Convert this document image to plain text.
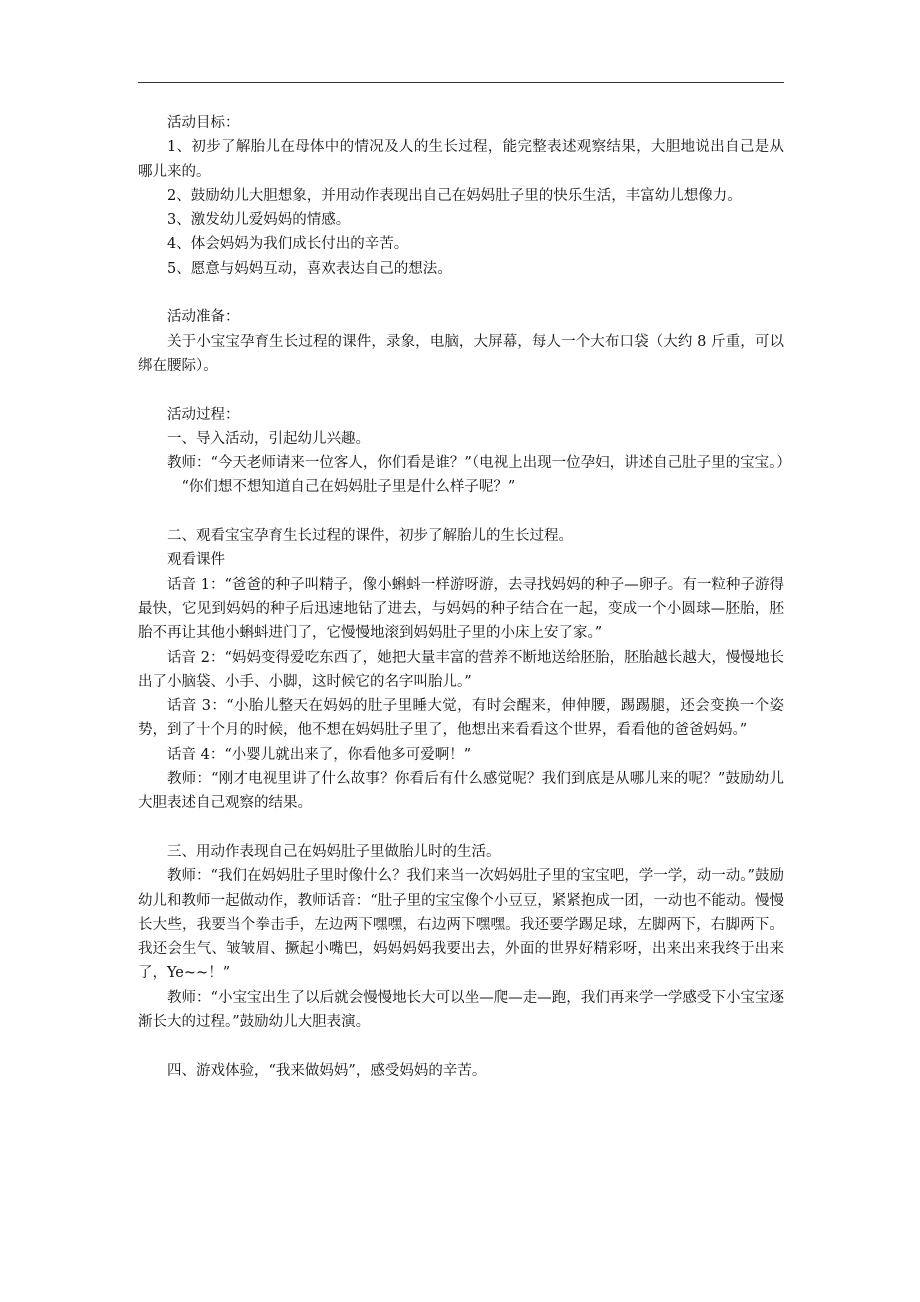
活动目标：

1、初步了解胎儿在母体中的情况及人的生长过程，能完整表述观察结果，大胆地说出自己是从哪儿来的。

2、鼓励幼儿大胆想象，并用动作表现出自己在妈妈肚子里的快乐生活，丰富幼儿想像力。

3、激发幼儿爱妈妈的情感。

4、体会妈妈为我们成长付出的辛苦。

5、愿意与妈妈互动，喜欢表达自己的想法。

活动准备：

关于小宝宝孕育生长过程的课件，录象，电脑，大屏幕，每人一个大布口袋（大约 8 斤重，可以绑在腰际）。

活动过程：

一、导入活动，引起幼儿兴趣。

教师：“今天老师请来一位客人，你们看是谁？”（电视上出现一位孕妇，讲述自己肚子里的宝宝。）

“你们想不想知道自己在妈妈肚子里是什么样子呢？”

二、观看宝宝孕育生长过程的课件，初步了解胎儿的生长过程。

观看课件

话音 1：“爸爸的种子叫精子，像小蝌蚪一样游呀游，去寻找妈妈的种子—卵子。有一粒种子游得最快，它见到妈妈的种子后迅速地钻了进去，与妈妈的种子结合在一起，变成一个小圆球—胚胎，胚胎不再让其他小蝌蚪进门了，它慢慢地滚到妈妈肚子里的小床上安了家。”

话音 2：“妈妈变得爱吃东西了，她把大量丰富的营养不断地送给胚胎，胚胎越长越大，慢慢地长出了小脑袋、小手、小脚，这时候它的名字叫胎儿。”

话音 3：“小胎儿整天在妈妈的肚子里睡大觉，有时会醒来，伸伸腰，踢踢腿，还会变换一个姿势，到了十个月的时候，他不想在妈妈肚子里了，他想出来看看这个世界，看看他的爸爸妈妈。”

话音 4：“小婴儿就出来了，你看他多可爱啊！”

教师：“刚才电视里讲了什么故事？你看后有什么感觉呢？我们到底是从哪儿来的呢？”鼓励幼儿大胆表述自己观察的结果。

三、用动作表现自己在妈妈肚子里做胎儿时的生活。

教师：“我们在妈妈肚子里时像什么？我们来当一次妈妈肚子里的宝宝吧，学一学，动一动。”鼓励幼儿和教师一起做动作，教师话音：“肚子里的宝宝像个小豆豆，紧紧抱成一团，一动也不能动。慢慢长大些，我要当个拳击手，左边两下嘿嘿，右边两下嘿嘿。我还要学踢足球，左脚两下，右脚两下。我还会生气、皱皱眉、撅起小嘴巴，妈妈妈妈我要出去，外面的世界好精彩呀，出来出来我终于出来了，Ye~~！”

教师：“小宝宝出生了以后就会慢慢地长大可以坐—爬—走—跑，我们再来学一学感受下小宝宝逐渐长大的过程。”鼓励幼儿大胆表演。

四、游戏体验，“我来做妈妈”，感受妈妈的辛苦。
